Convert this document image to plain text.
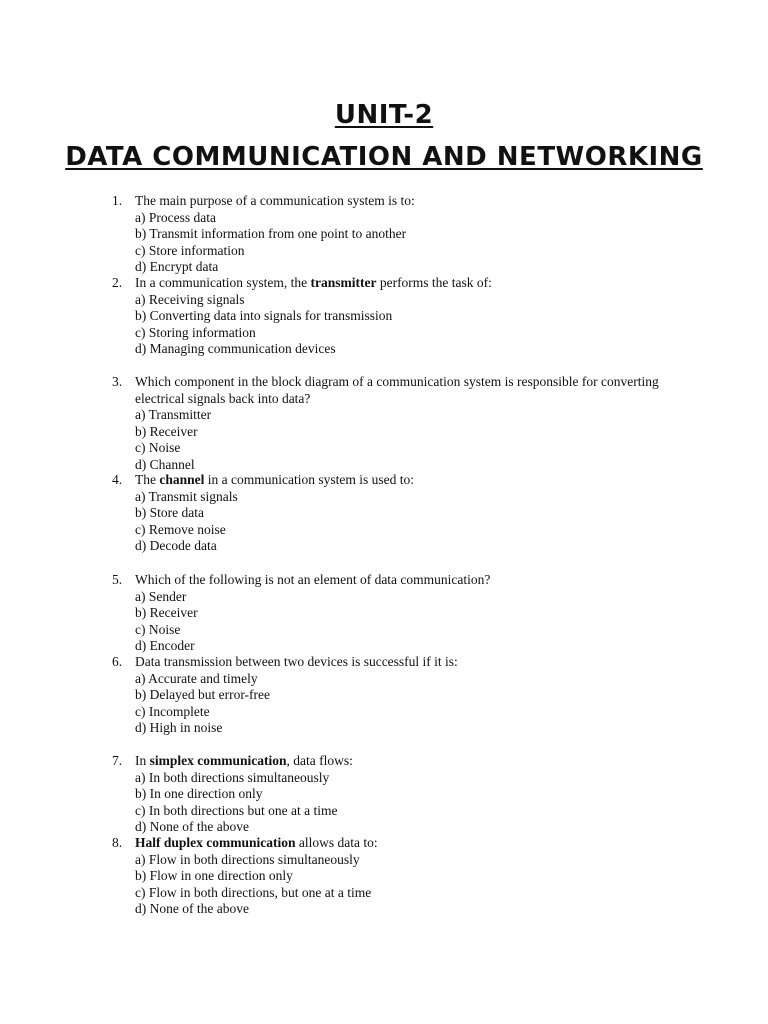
UNIT-2
DATA COMMUNICATION AND NETWORKING
1. The main purpose of a communication system is to:
a) Process data
b) Transmit information from one point to another
c) Store information
d) Encrypt data
2. In a communication system, the transmitter performs the task of:
a) Receiving signals
b) Converting data into signals for transmission
c) Storing information
d) Managing communication devices
3. Which component in the block diagram of a communication system is responsible for converting
electrical signals back into data?
a) Transmitter
b) Receiver
c) Noise
d) Channel
4. The channel in a communication system is used to:
a) Transmit signals
b) Store data
c) Remove noise
d) Decode data
5. Which of the following is not an element of data communication?
a) Sender
b) Receiver
c) Noise
d) Encoder
6. Data transmission between two devices is successful if it is:
a) Accurate and timely
b) Delayed but error-free
c) Incomplete
d) High in noise
7. In simplex communication, data flows:
a) In both directions simultaneously
b) In one direction only
c) In both directions but one at a time
d) None of the above
8. Half duplex communication allows data to:
a) Flow in both directions simultaneously
b) Flow in one direction only
c) Flow in both directions, but one at a time
d) None of the above
